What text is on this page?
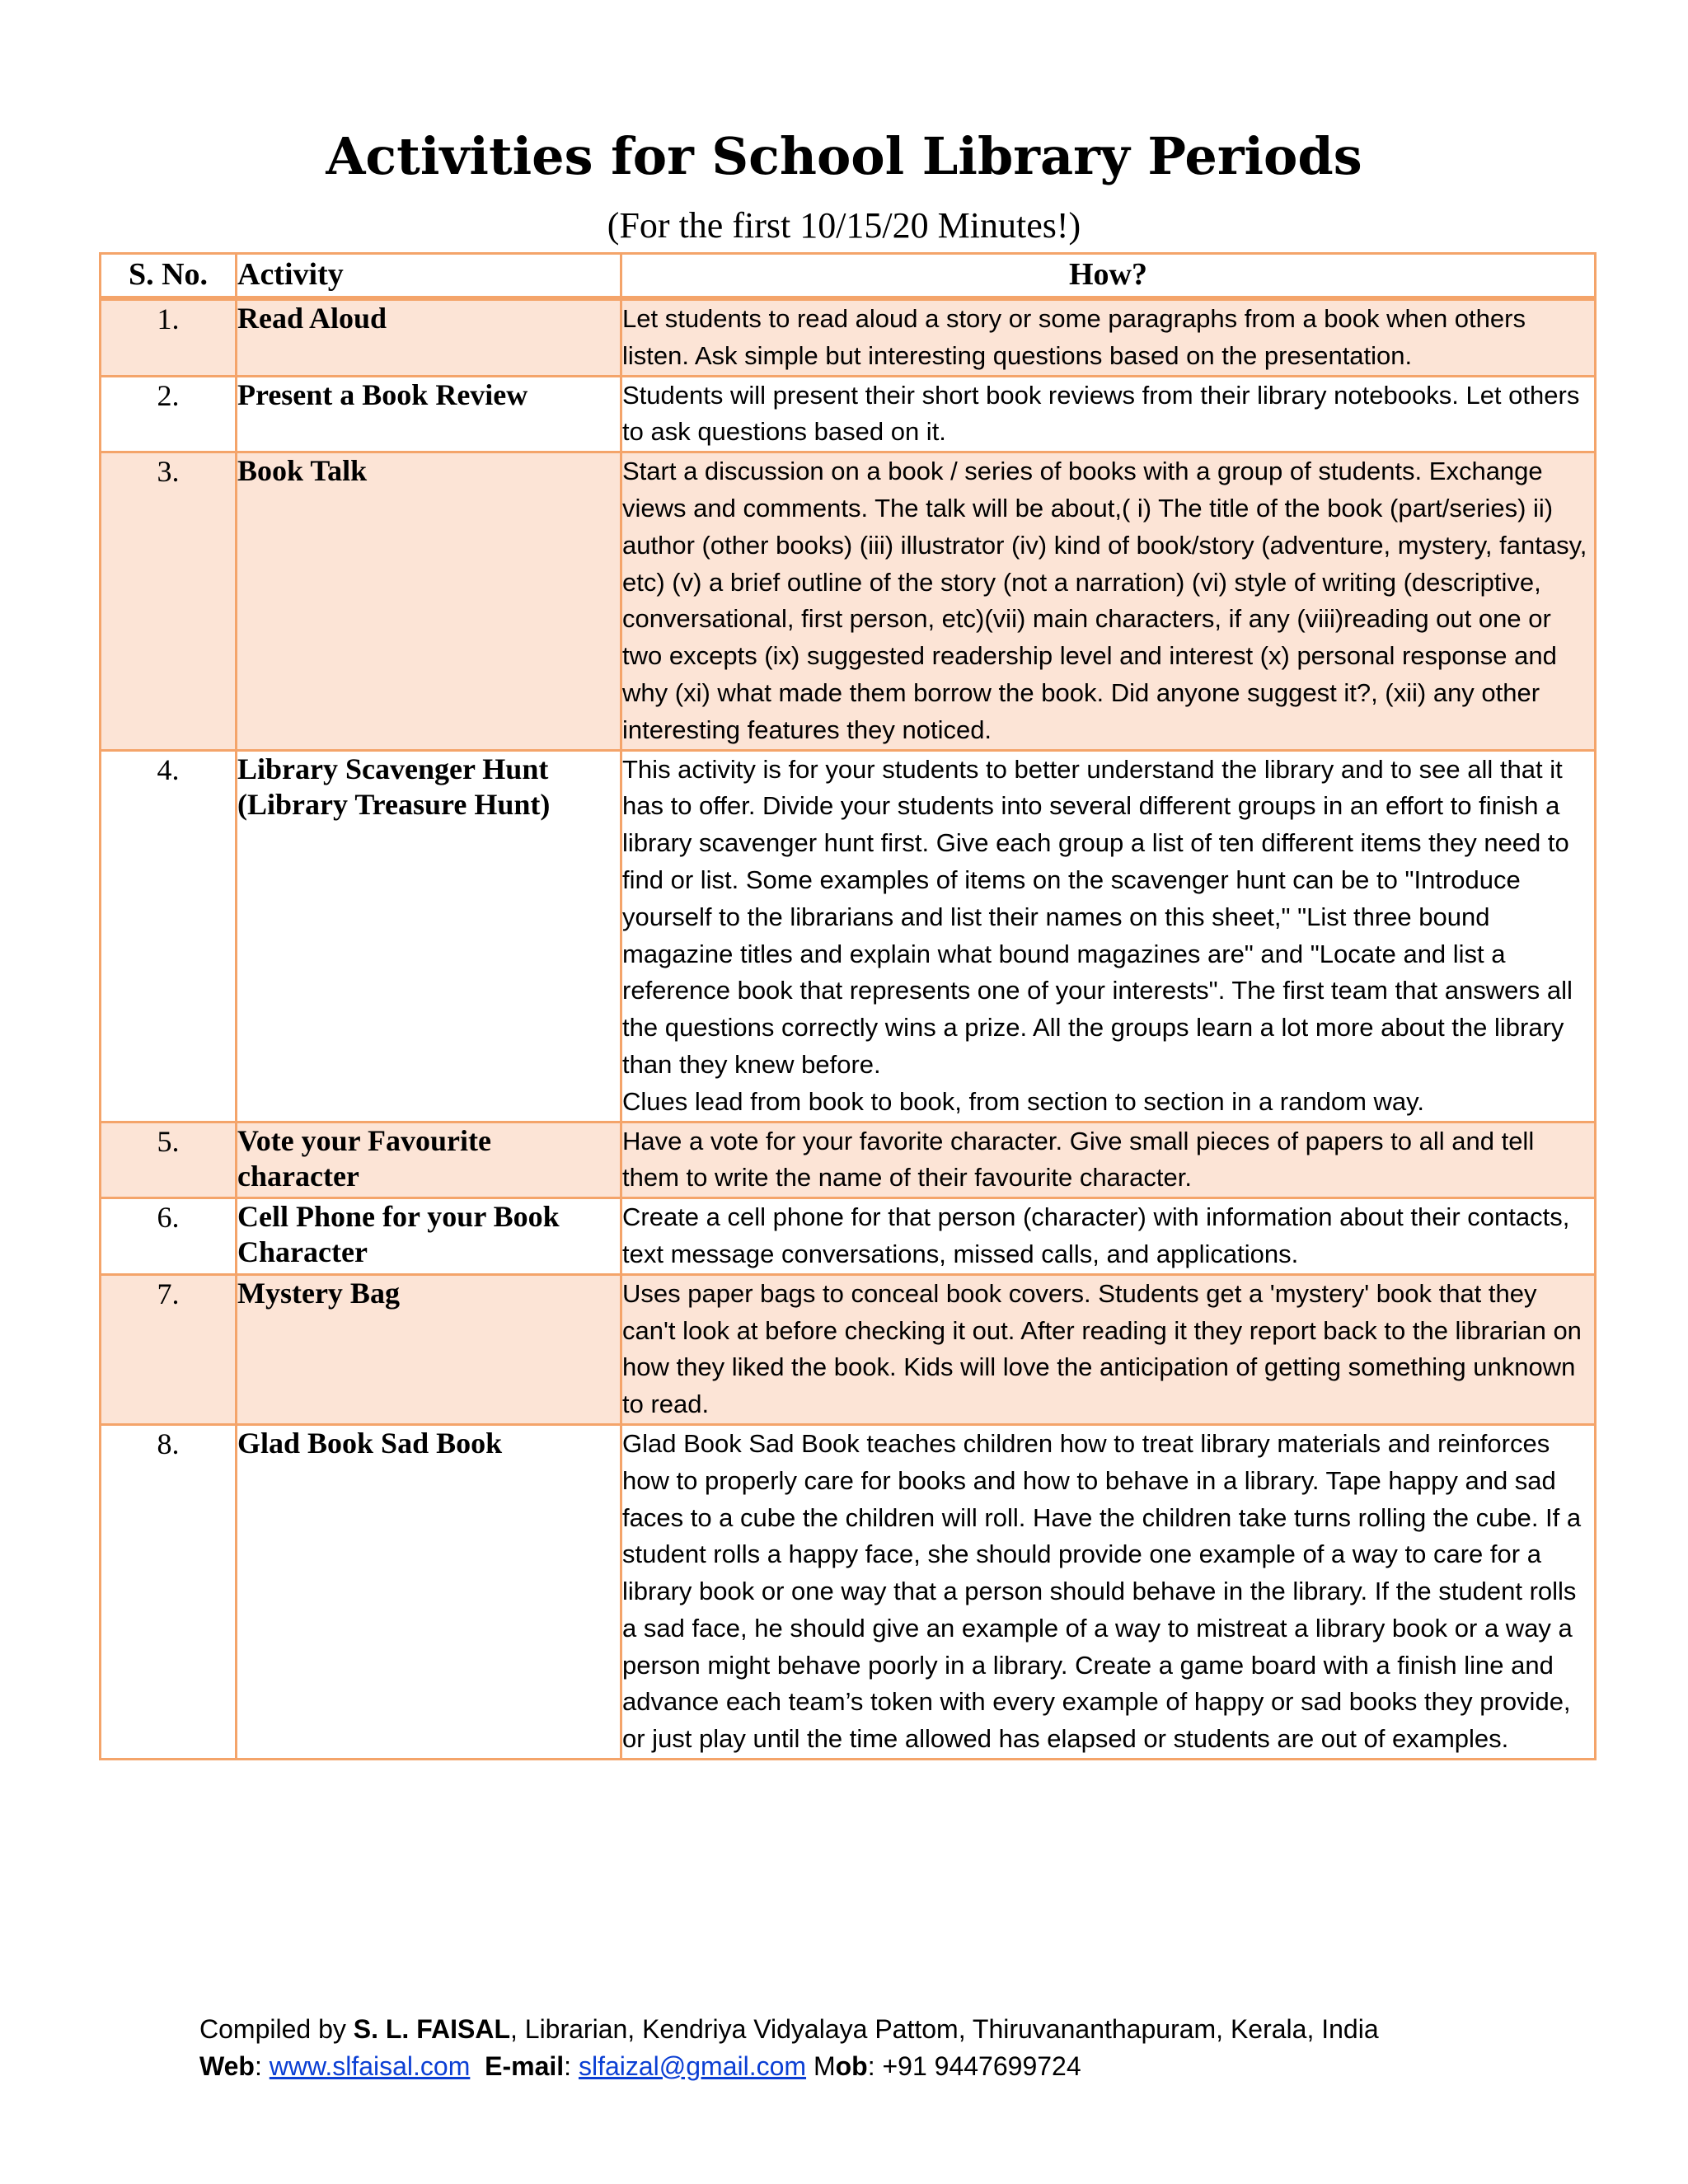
Activities for School Library Periods
(For the first 10/15/20 Minutes!)
S. No.	Activity	How?
1.	Read Aloud	Let students to read aloud a story or some paragraphs from a book when others listen. Ask simple but interesting questions based on the presentation.
2.	Present a Book Review	Students will present their short book reviews from their library notebooks. Let others to ask questions based on it.
3.	Book Talk	Start a discussion on a book / series of books with a group of students. Exchange views and comments. The talk will be about,( i) The title of the book (part/series) ii) author (other books) (iii) illustrator (iv) kind of book/story (adventure, mystery, fantasy, etc) (v) a brief outline of the story (not a narration) (vi) style of writing (descriptive, conversational, first person, etc)(vii) main characters, if any (viii)reading out one or two excepts (ix) suggested readership level and interest (x) personal response and why (xi) what made them borrow the book. Did anyone suggest it?, (xii) any other interesting features they noticed.
4.	Library Scavenger Hunt (Library Treasure Hunt)	This activity is for your students to better understand the library and to see all that it has to offer. Divide your students into several different groups in an effort to finish a library scavenger hunt first. Give each group a list of ten different items they need to find or list. Some examples of items on the scavenger hunt can be to "Introduce yourself to the librarians and list their names on this sheet," "List three bound magazine titles and explain what bound magazines are" and "Locate and list a reference book that represents one of your interests". The first team that answers all the questions correctly wins a prize. All the groups learn a lot more about the library than they knew before.
Clues lead from book to book, from section to section in a random way.
5.	Vote your Favourite character	Have a vote for your favorite character. Give small pieces of papers to all and tell them to write the name of their favourite character.
6.	Cell Phone for your Book Character	Create a cell phone for that person (character) with information about their contacts, text message conversations, missed calls, and applications.
7.	Mystery Bag	Uses paper bags to conceal book covers. Students get a 'mystery' book that they can't look at before checking it out. After reading it they report back to the librarian on how they liked the book. Kids will love the anticipation of getting something unknown to read.
8.	Glad Book Sad Book	Glad Book Sad Book teaches children how to treat library materials and reinforces how to properly care for books and how to behave in a library. Tape happy and sad faces to a cube the children will roll. Have the children take turns rolling the cube. If a student rolls a happy face, she should provide one example of a way to care for a library book or one way that a person should behave in the library. If the student rolls a sad face, he should give an example of a way to mistreat a library book or a way a person might behave poorly in a library. Create a game board with a finish line and advance each team’s token with every example of happy or sad books they provide, or just play until the time allowed has elapsed or students are out of examples.
Compiled by S. L. FAISAL, Librarian, Kendriya Vidyalaya Pattom, Thiruvananthapuram, Kerala, India
Web: www.slfaisal.com E-mail: slfaizal@gmail.com Mob: +91 9447699724
